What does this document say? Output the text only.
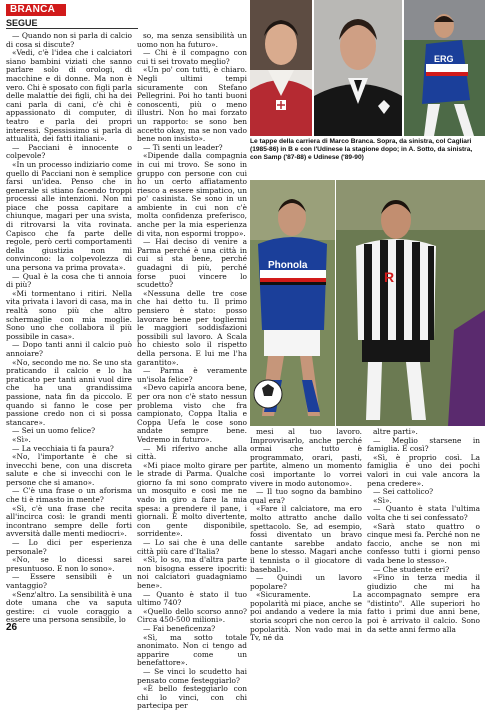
BRANCA
SEGUE

— Quando non si parla di calcio di cosa si discute?

«Vedi, c'è l'idea che i calciatori siano bambini viziati che sanno parlare solo di orologi, di macchine e di donne. Ma non è vero. Chi è sposato con figli parla delle malattie dei figli, chi ha dei cani parla di cani, c'è chi è appassionato di computer, di teatro e parla dei propri interessi. Spessissimo si parla di attualità, dei fatti italiani».

— Pacciani è innocente o colpevole?

«In un processo indiziario come quello di Pacciani non è semplice farsi un'idea. Penso che in generale si stiano facendo troppi processi alle intenzioni. Non mi piace che possa capitare a chiunque, magari per una svista, di ritrovarsi la vita rovinata. Capisco che fa parte delle regole, però certi comportamenti della giustizia non mi convincono: la colpevolezza di una persona va prima provata».

— Qual è la cosa che ti annoia di più?

«Mi tormentano i ritiri. Nella vita privata i lavori di casa, ma in realtà sono più che altro schermaglie con mia moglie. Sono uno che collabora il più possibile in casa».

— Dopo tanti anni il calcio può annoiare?

«No, secondo me no. Se uno sta praticando il calcio e lo ha praticato per tanti anni vuol dire che ha una grandissima passione, nata fin da piccolo. E quando si fanno le cose per passione credo non ci si possa stancare».

— Sei un uomo felice?

«Sì».

— La vecchiaia ti fa paura?

«No, l'importante è che si invecchi bene, con una discreta salute e che si invecchi con le persone che si amano».

— C'è una frase o un aforisma che ti è rimasto in mente?

«Sì, c'è una frase che recita all'incirca così: le grandi menti incontrano sempre delle forti avversità dalle menti mediocri».

— Lo dici per esperienza personale?

«No, se lo dicessi sarei presuntuoso. E non lo sono».

— Essere sensibili è un vantaggio?

«Senz'altro. La sensibilità è una dote umana che va saputa gestire: ci vuole coraggio a essere una persona sensibile, lo

so, ma senza sensibilità un uomo non ha futuro».

— Chi è il compagno con cui ti sei trovato meglio?

«Un po' con tutti, è chiaro. Negli ultimi tempi sicuramente con Stefano Pellegrini. Poi ho tanti buoni conoscenti, più o meno illustri. Non ho mai forzato un rapporto: se sono ben accetto okay, ma se non vado bene non insisto».

— Ti senti un leader?

«Dipende dalla compagnia in cui mi trovo. Se sono in gruppo con persone con cui ho un certo affiatamento riesco a essere simpatico, un po' casinista. Se sono in un ambiente in cui non c'è molta confidenza preferisco, anche per la mia esperienza di vita, non espormi troppo».

— Hai deciso di venire a Parma perché è una città in cui si sta bene, perché guadagni di più, perché forse puoi vincere lo scudetto?

«Nessuna delle tre cose che hai detto tu. Il primo pensiero è stato: posso lavorare bene per togliermi le maggiori soddisfazioni possibili sul lavoro. A Scala ho chiesto solo il rispetto della persona. E lui me l'ha garantito».

— Parma è veramente un'isola felice?

«Devo capirla ancora bene, per ora non c'è stato nessun problema visto che fra campionato, Coppa Italia e Coppa Uefa le cose sono andate sempre bene. Vedremo in futuro».

— Mi riferivo anche alla città.

«Mi piace molto girare per le strade di Parma. Qualche giorno fa mi sono comprato un mosquito e così me ne vado in giro a fare la mia spesa: a prendere il pane, i giornali. È molto divertente, con gente disponibile, sorridente».

— Lo sai che è una delle città più care d'Italia?

«Sì, lo so, ma d'altra parte non bisogna essere ipocriti: noi calciatori guadagniamo bene».

— Quanto è stato il tuo ultimo 740?

«Quello dello scorso anno? Circa 450-500 milioni».

— Fai beneficenza?

«Sì, ma sotto totale anonimato. Non ci tengo ad apparire come un benefattore».

— Se vinci lo scudetto hai pensato come festeggiarlo?

«È bello festeggiarlo con chi lo vinci, con chi partecipa per

ERG
Le tappe della carriera di Marco Branca. Sopra, da sinistra, col Cagliari (1985-86) in B e con l'Udinese la stagione dopo; in A. Sotto, da sinistra, con Samp ('87-88) e Udinese ('89-90)
Phonola
R

mesi al tuo lavoro. Improvvisarlo, anche perché ormai che tutto è programmato, orari, pasti, partite, almeno un momento così importante lo vorrei vivere in modo autonomo».

— Il tuo sogno da bambino qual era?

«Fare il calciatore, ma ero molto attratto anche dallo spettacolo. Se, ad esempio, fossi diventato un bravo cantante sarebbe andato bene lo stesso. Magari anche il tennista o il giocatore di baseball».

— Quindi un lavoro popolare?

«Sicuramente. La popolarità mi piace, anche se poi andando a vedere la mia storia scopri che non cerco la popolarità. Non vado mai in Tv, né da

altre parti».

— Meglio starsene in famiglia. E così?

«Sì, è proprio così. La famiglia è uno dei pochi valori in cui vale ancora la pena credere».

— Sei cattolico?

«Sì».

— Quanto è stata l'ultima volta che ti sei confessato?

«Sarà stato quattro o cinque mesi fa. Perché non ne faccio, anche se non mi confesso tutti i giorni penso vada bene lo stesso».

— Che studente eri?

«Fino in terza media il giudizio che mi ha accompagnato sempre era "distinto". Alle superiori ho fatto i primi due anni bene, poi è arrivato il calcio. Sono da sette anni fermo alla

26
